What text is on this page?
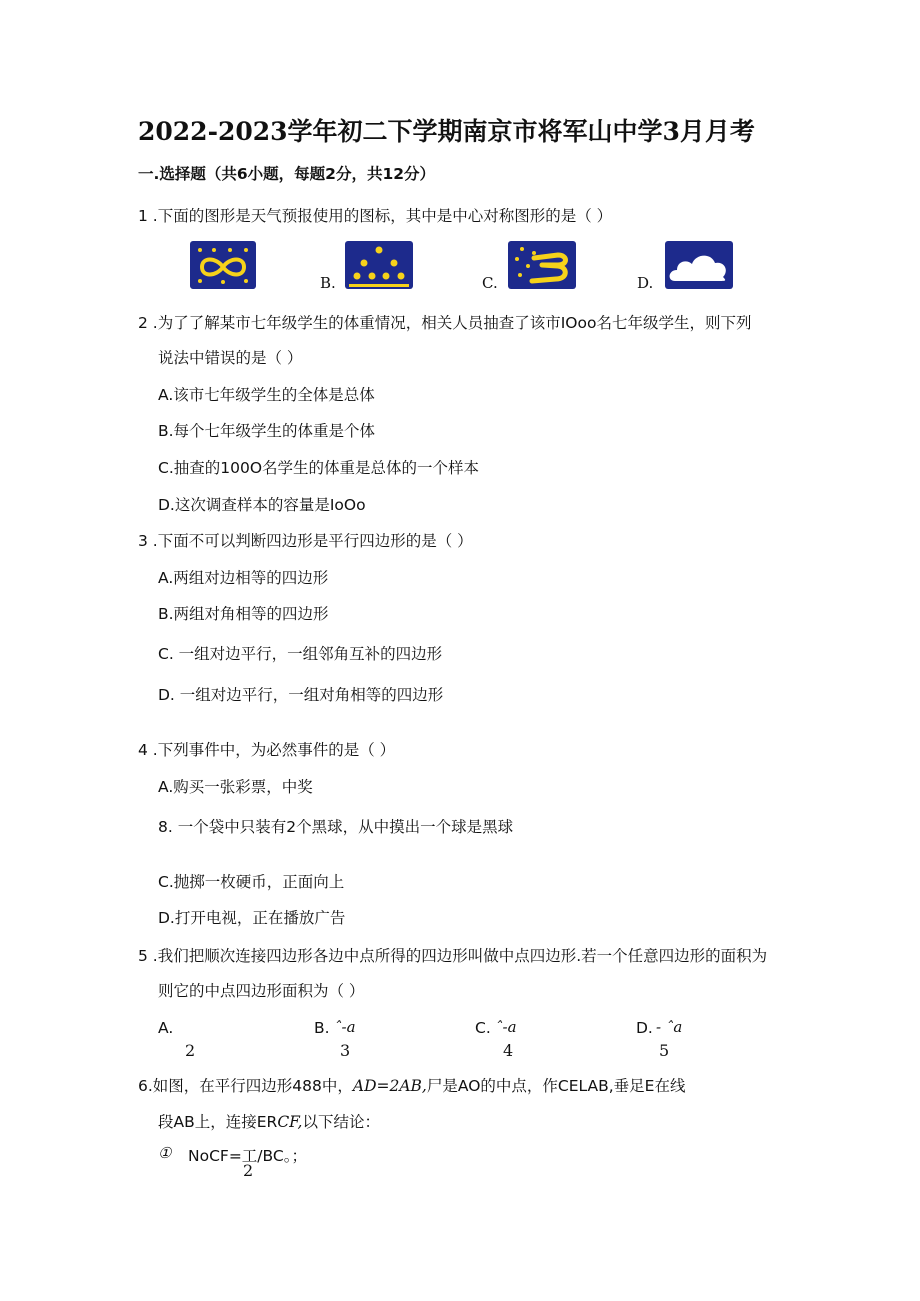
2022-2023学年初二下学期南京市将军山中学3月月考
一.选择题（共6小题，每题2分，共12分）
1 .下面的图形是天气预报使用的图标，其中是中心对称图形的是（ ）
B.	C.	D.
2 .为了了解某市七年级学生的体重情况，相关人员抽查了该市IOoo名七年级学生，则下列
说法中错误的是（ ）
A.该市七年级学生的全体是总体
B.每个七年级学生的体重是个体
C.抽查的100O名学生的体重是总体的一个样本
D.这次调查样本的容量是IoOo
3 .下面不可以判断四边形是平行四边形的是（ ）
A.两组对边相等的四边形
B.两组对角相等的四边形
C. 一组对边平行，一组邻角互补的四边形
D. 一组对边平行，一组对角相等的四边形
4 .下列事件中，为必然事件的是（ ）
A.购买一张彩票，中奖
8. 一个袋中只装有2个黑球，从中摸出一个球是黑球
C.抛掷一枚硬币，正面向上
D.打开电视，正在播放广告
5 .我们把顺次连接四边形各边中点所得的四边形叫做中点四边形.若一个任意四边形的面积为
则它的中点四边形面积为（ ）
A.
2
B. ˆ-a
3
C. ˆ-a
4
D. - ˆa
5
6.如图，在平行四边形488中，AD=2AB,尸是AO的中点，作CELAB,垂足E在线
段AB上，连接ERCF,以下结论：
① NoCF=工/BC。；
2
